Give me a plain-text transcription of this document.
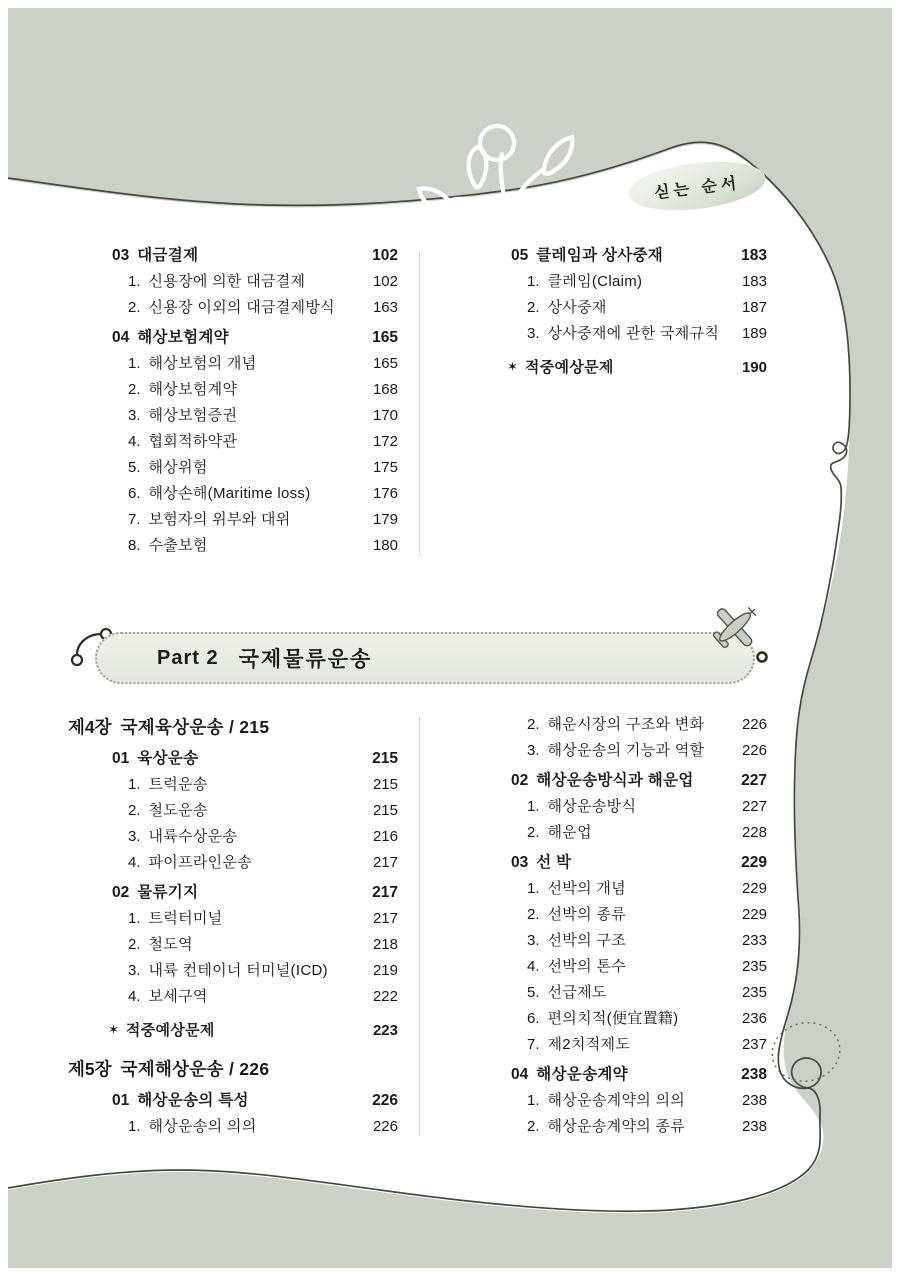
싣는 순서
03 대금결제	102
1. 신용장에 의한 대금결제	102
2. 신용장 이외의 대금결제방식	163
04 해상보험계약	165
1. 해상보험의 개념	165
2. 해상보험계약	168
3. 해상보험증권	170
4. 협회적하약관	172
5. 해상위험	175
6. 해상손해(Maritime loss)	176
7. 보험자의 위부와 대위	179
8. 수출보험	180
05 클레임과 상사중재	183
1. 클레임(Claim)	183
2. 상사중재	187
3. 상사중재에 관한 국제규칙 189
✶ 적중예상문제	190
Part 2 국제물류운송
제4장 국제육상운송 / 215
01 육상운송	215
1. 트럭운송	215
2. 철도운송	215
3. 내륙수상운송	216
4. 파이프라인운송	217
02 물류기지	217
1. 트럭터미널	217
2. 철도역	218
3. 내륙 컨테이너 터미널(ICD)	219
4. 보세구역	222
✶ 적중예상문제	223
제5장 국제해상운송 / 226
01 해상운송의 특성	226
1. 해상운송의 의의	226
2. 해운시장의 구조와 변화	226
3. 해상운송의 기능과 역할	226
02 해상운송방식과 해운업	227
1. 해상운송방식	227
2. 해운업	228
03 선 박	229
1. 선박의 개념	229
2. 선박의 종류	229
3. 선박의 구조	233
4. 선박의 톤수	235
5. 선급제도	235
6. 편의치적(便宜置籍)	236
7. 제2치적제도	237
04 해상운송계약	238
1. 해상운송계약의 의의	238
2. 해상운송계약의 종류	238
